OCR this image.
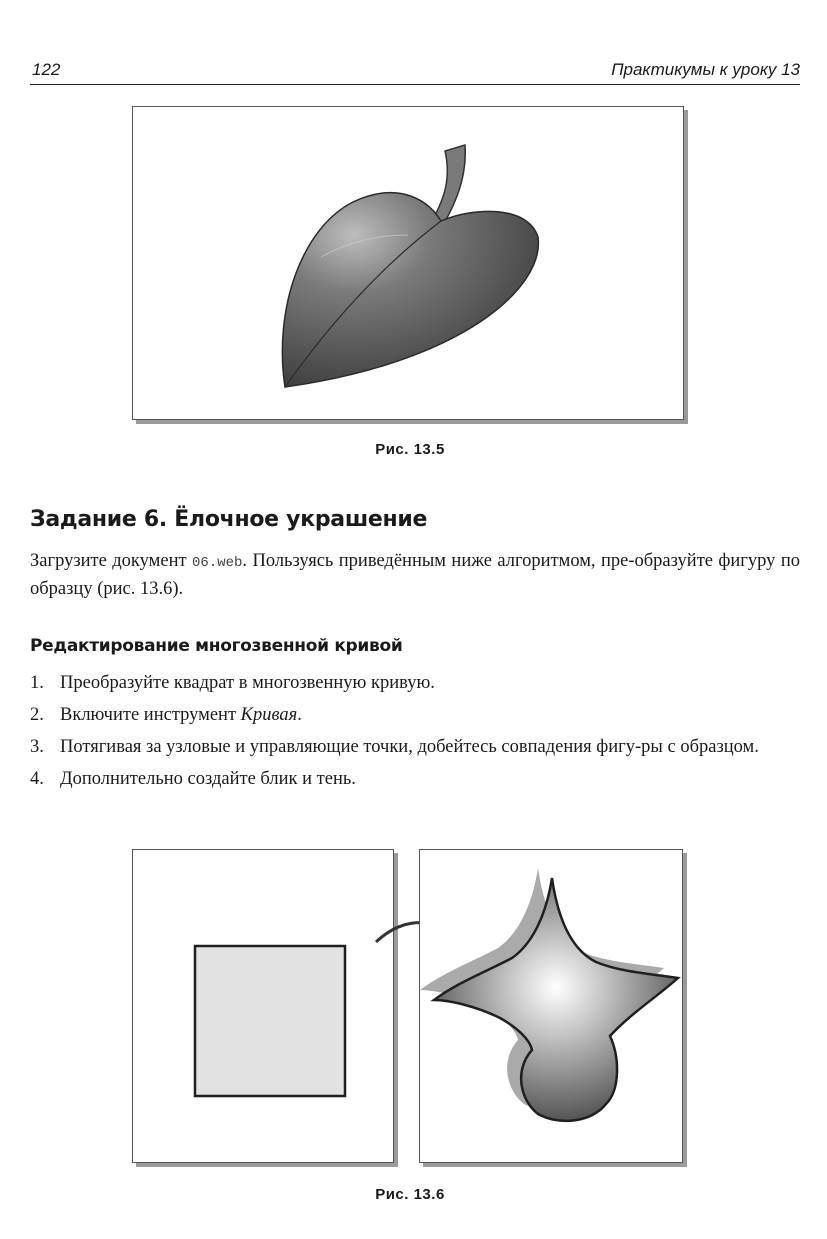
122	Практикумы к уроку 13
Рис. 13.5
Задание 6. Ёлочное украшение
Загрузите документ 06.web. Пользуясь приведённым ниже алгоритмом, пре-образуйте фигуру по образцу (рис. 13.6).
Редактирование многозвенной кривой
1. Преобразуйте квадрат в многозвенную кривую.
2. Включите инструмент Кривая.
3. Потягивая за узловые и управляющие точки, добейтесь совпадения фигу-ры с образцом.
4. Дополнительно создайте блик и тень.
Рис. 13.6
